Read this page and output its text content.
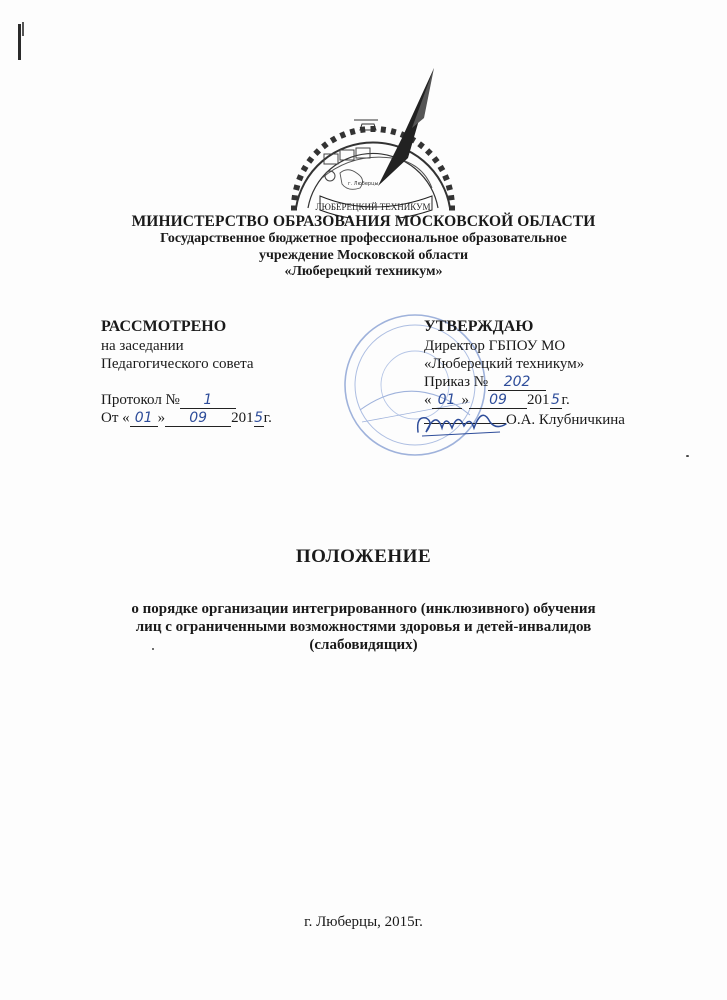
г. Люберцы
ЛЮБЕРЕЦКИЙ ТЕХНИКУМ
МИНИСТЕРСТВО ОБРАЗОВАНИЯ МОСКОВСКОЙ ОБЛАСТИ
Государственное бюджетное профессиональное образовательное
учреждение Московской области
«Люберецкий техникум»
РАССМОТРЕНО
на заседании
Педагогического совета
Протокол № 1
От « 01 » 09 2015г.
УТВЕРЖДАЮ
Директор ГБПОУ МО
«Люберецкий техникум»
Приказ № 202
« 01 » 09 201 5 г.
О.А. Клубничкина
ПОЛОЖЕНИЕ
о порядке организации интегрированного (инклюзивного) обучения
лиц с ограниченными возможностями здоровья и детей-инвалидов
(слабовидящих)
г. Люберцы, 2015г.
